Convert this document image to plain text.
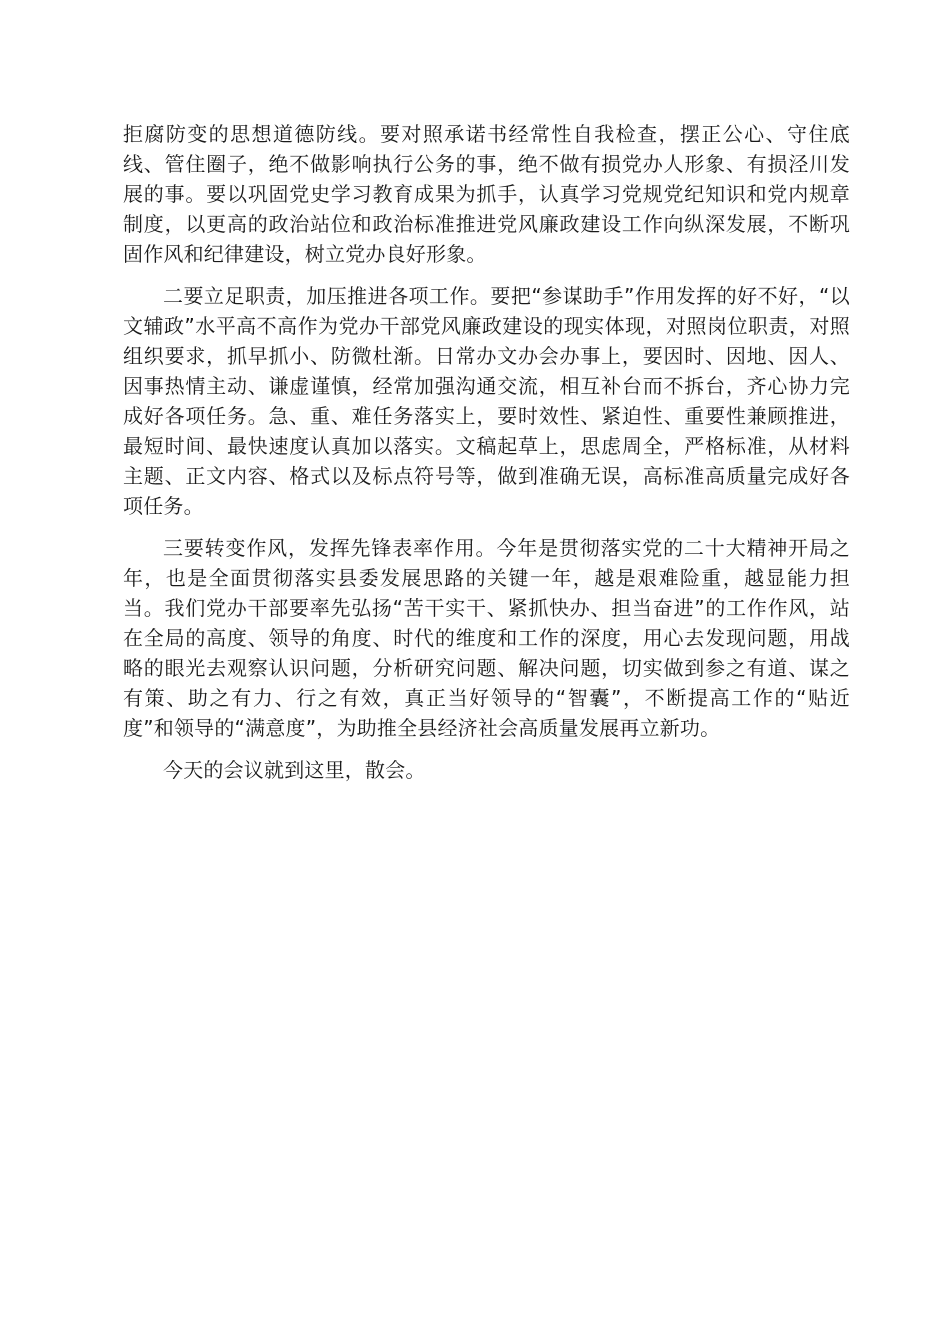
拒腐防变的思想道德防线。要对照承诺书经常性自我检查，摆正公心、守住底线、管住圈子，绝不做影响执行公务的事，绝不做有损党办人形象、有损泾川发展的事。要以巩固党史学习教育成果为抓手，认真学习党规党纪知识和党内规章制度，以更高的政治站位和政治标准推进党风廉政建设工作向纵深发展，不断巩固作风和纪律建设，树立党办良好形象。

二要立足职责，加压推进各项工作。要把“参谋助手”作用发挥的好不好，“以文辅政”水平高不高作为党办干部党风廉政建设的现实体现，对照岗位职责，对照组织要求，抓早抓小、防微杜渐。日常办文办会办事上，要因时、因地、因人、因事热情主动、谦虚谨慎，经常加强沟通交流，相互补台而不拆台，齐心协力完成好各项任务。急、重、难任务落实上，要时效性、紧迫性、重要性兼顾推进，最短时间、最快速度认真加以落实。文稿起草上，思虑周全，严格标准，从材料主题、正文内容、格式以及标点符号等，做到准确无误，高标准高质量完成好各项任务。

三要转变作风，发挥先锋表率作用。今年是贯彻落实党的二十大精神开局之年，也是全面贯彻落实县委发展思路的关键一年，越是艰难险重，越显能力担当。我们党办干部要率先弘扬“苦干实干、紧抓快办、担当奋进”的工作作风，站在全局的高度、领导的角度、时代的维度和工作的深度，用心去发现问题，用战略的眼光去观察认识问题，分析研究问题、解决问题，切实做到参之有道、谋之有策、助之有力、行之有效，真正当好领导的“智囊”，不断提高工作的“贴近度”和领导的“满意度”，为助推全县经济社会高质量发展再立新功。

今天的会议就到这里，散会。
